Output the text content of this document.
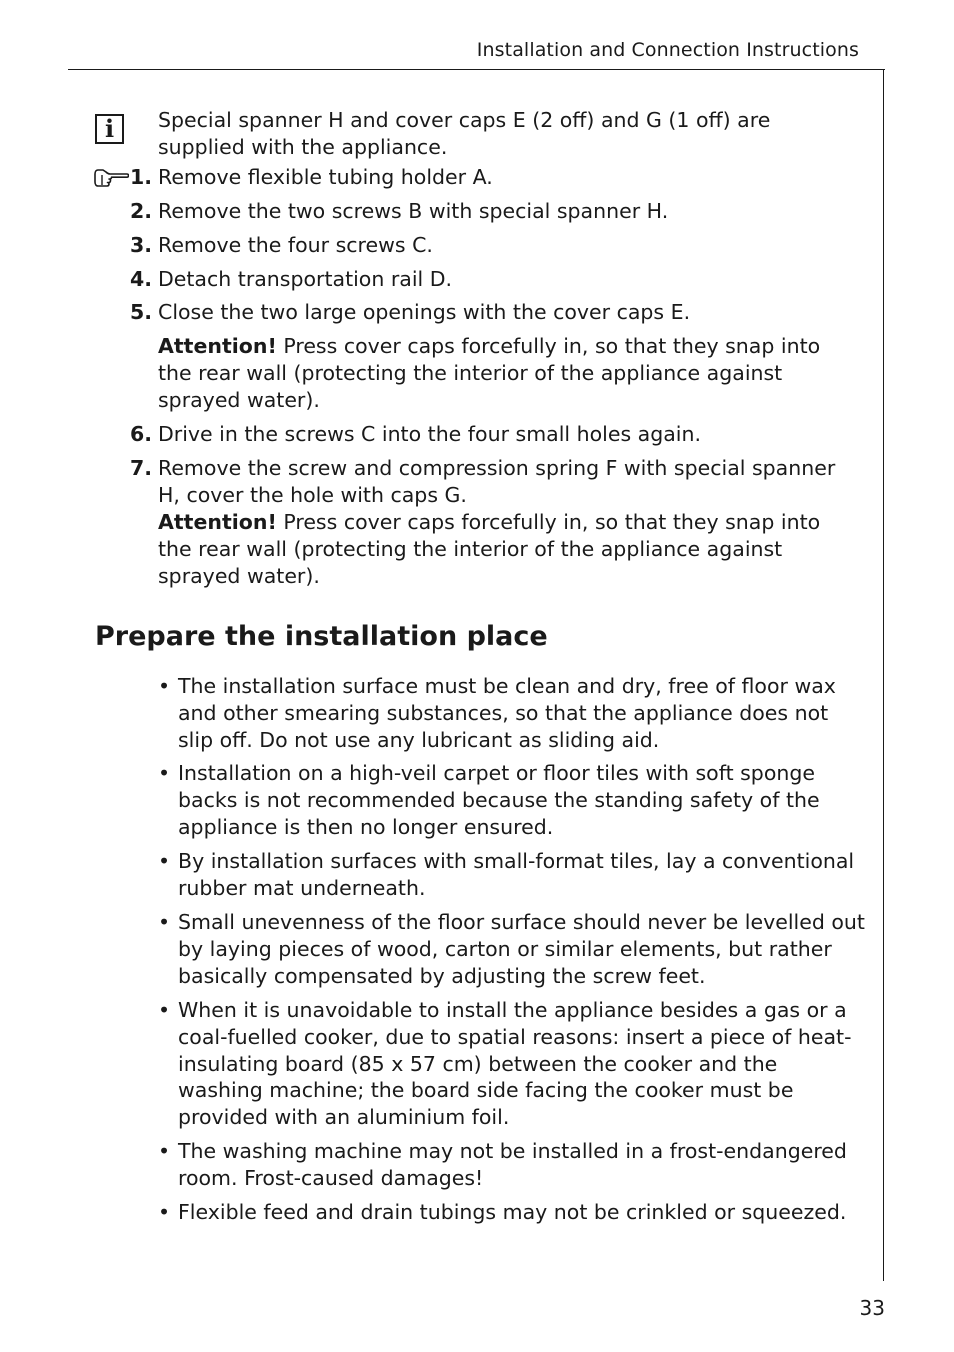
Installation and Connection Instructions
i	Special spanner H and cover caps E (2 off) and G (1 off) are supplied with the appliance.
1. Remove flexible tubing holder A.
2. Remove the two screws B with special spanner H.
3. Remove the four screws C.
4. Detach transportation rail D.
5. Close the two large openings with the cover caps E.
Attention! Press cover caps forcefully in, so that they snap into the rear wall (protecting the interior of the appliance against sprayed water).
6. Drive in the screws C into the four small holes again.
7. Remove the screw and compression spring F with special spanner H, cover the hole with caps G.
Attention! Press cover caps forcefully in, so that they snap into the rear wall (protecting the interior of the appliance against sprayed water).
Prepare the installation place
• The installation surface must be clean and dry, free of floor wax and other smearing substances, so that the appliance does not slip off. Do not use any lubricant as sliding aid.
• Installation on a high-veil carpet or floor tiles with soft sponge backs is not recommended because the standing safety of the appliance is then no longer ensured.
• By installation surfaces with small-format tiles, lay a conventional rubber mat underneath.
• Small unevenness of the floor surface should never be levelled out by laying pieces of wood, carton or similar elements, but rather basically compensated by adjusting the screw feet.
• When it is unavoidable to install the appliance besides a gas or a coal-fuelled cooker, due to spatial reasons: insert a piece of heat-insulating board (85 x 57 cm) between the cooker and the washing machine; the board side facing the cooker must be provided with an aluminium foil.
• The washing machine may not be installed in a frost-endangered room. Frost-caused damages!
• Flexible feed and drain tubings may not be crinkled or squeezed.
33
